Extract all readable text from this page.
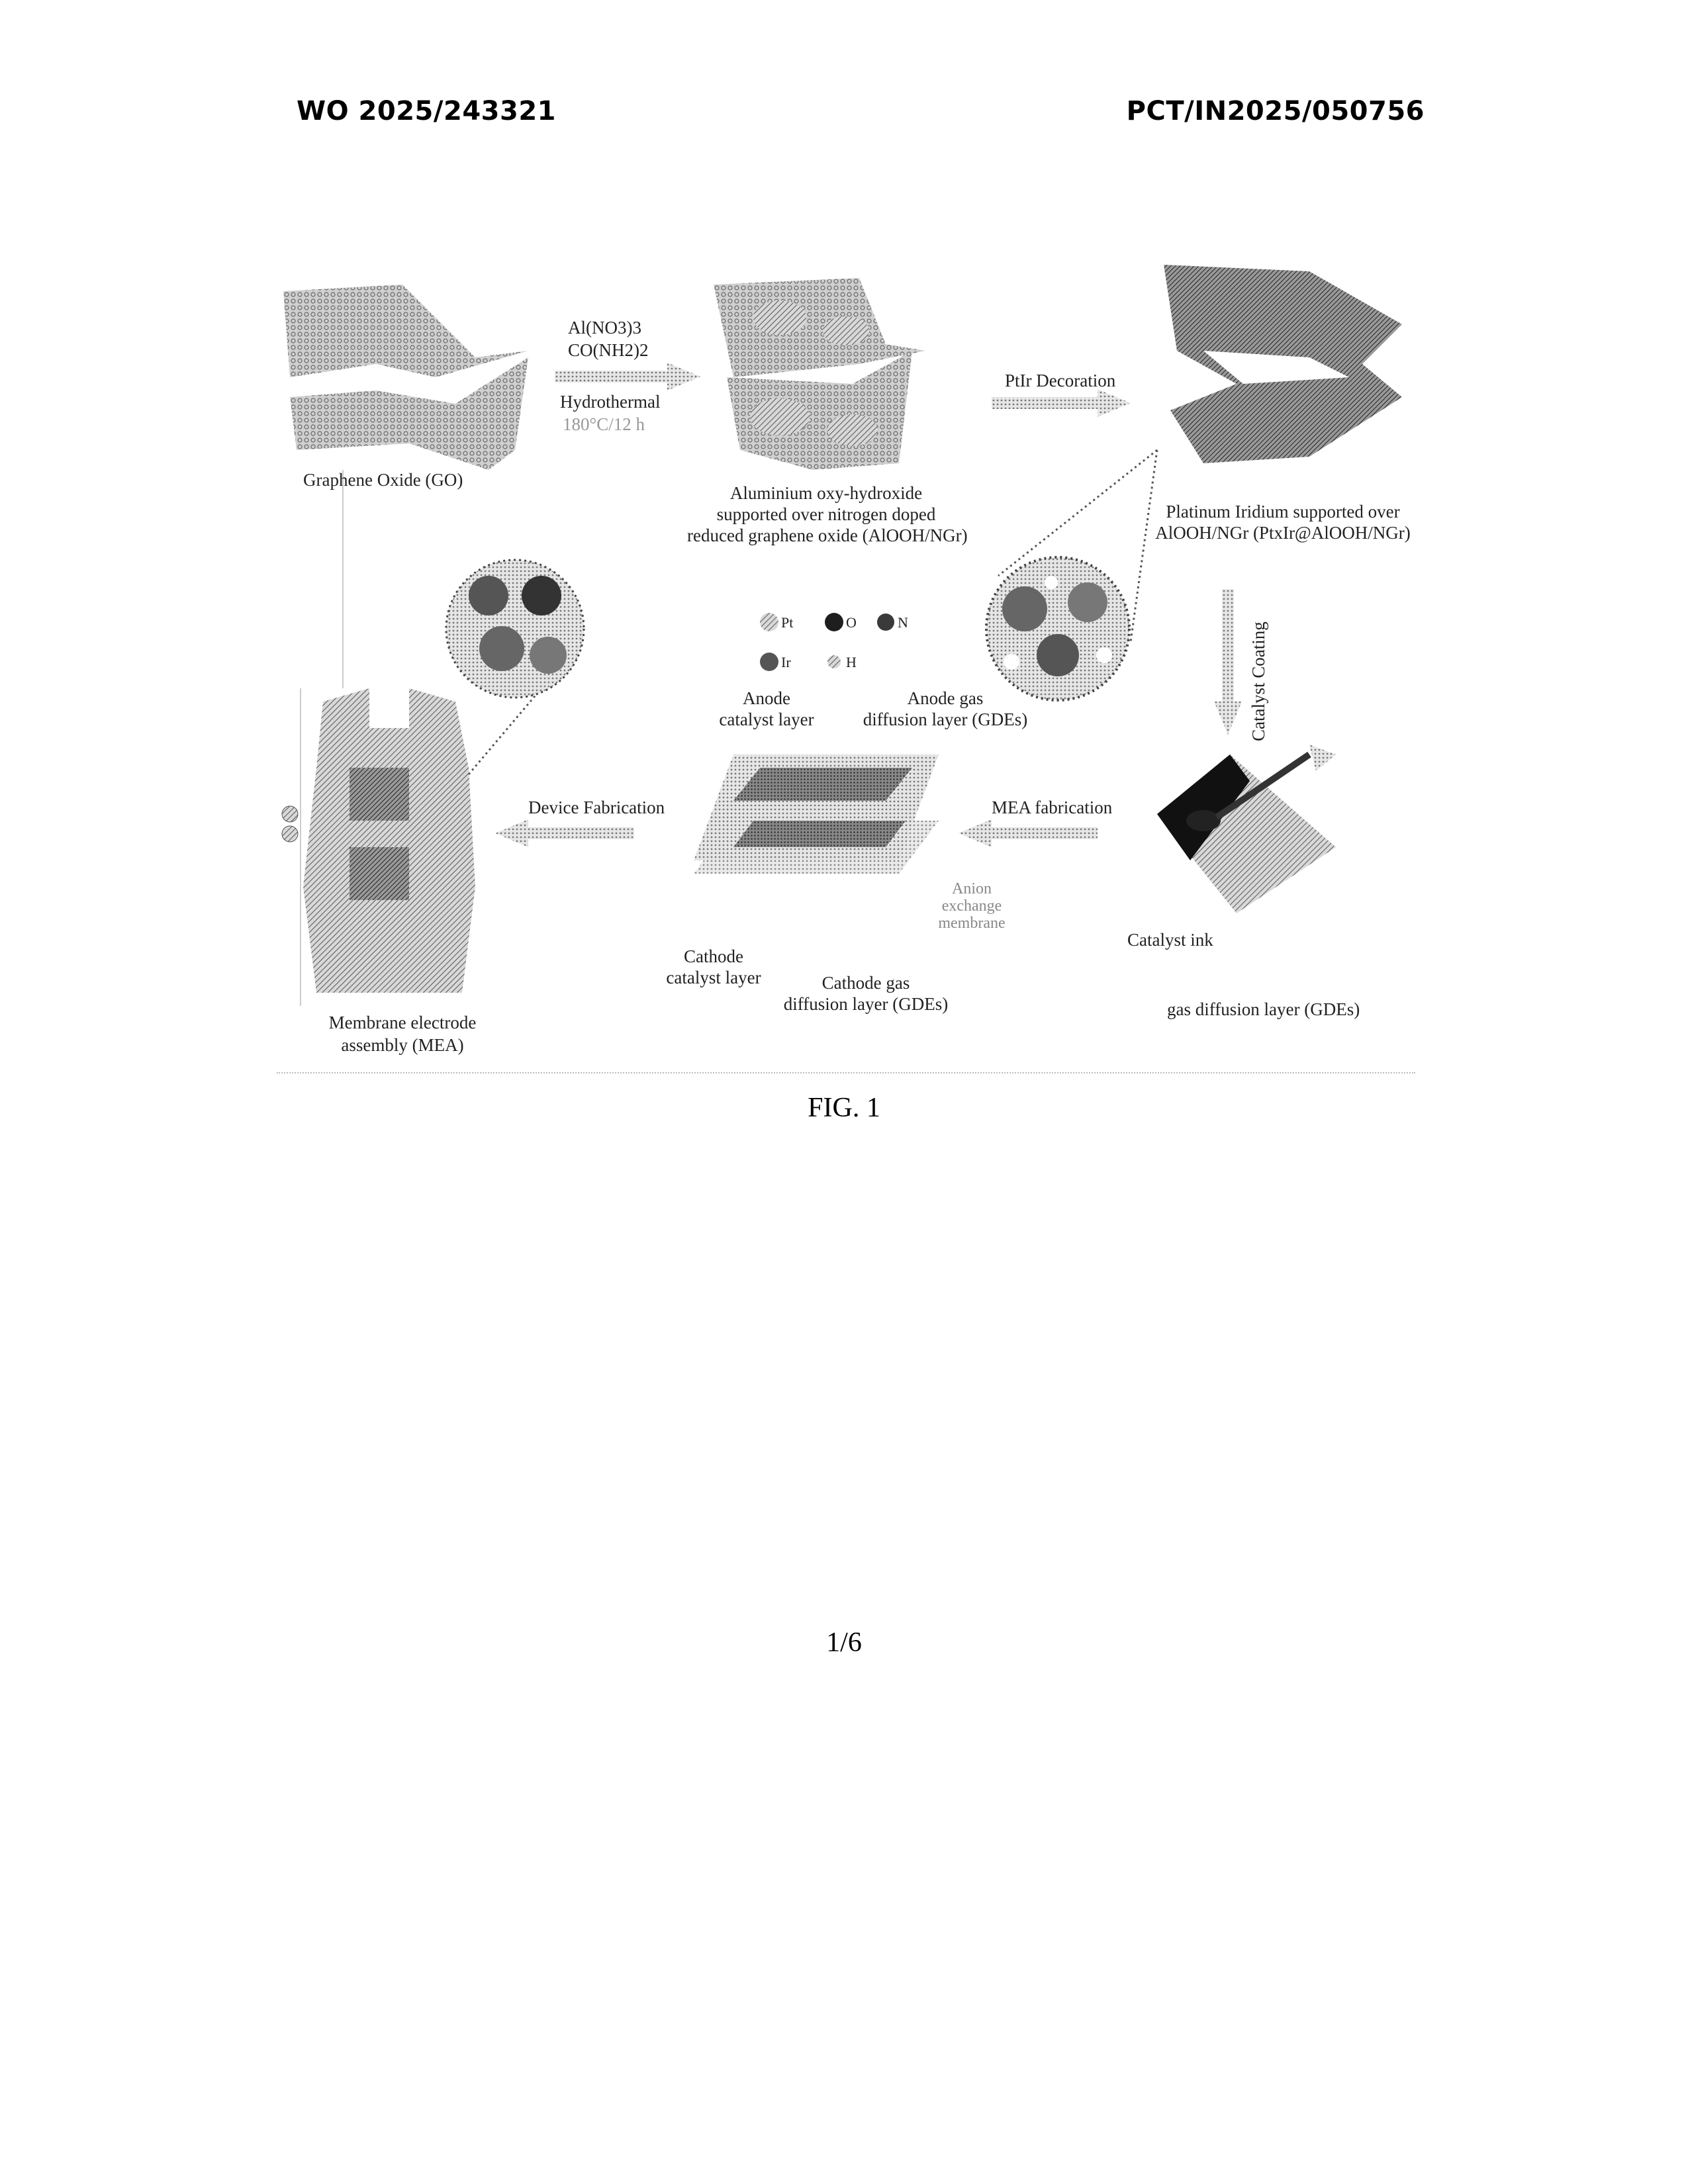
WO 2025/243321	PCT/IN2025/050756
Graphene Oxide (GO)
Al(NO3)3
CO(NH2)2
Hydrothermal
180°C/12 h
Aluminium oxy-hydroxide
supported over nitrogen doped
reduced graphene oxide (AlOOH/NGr)
PtIr Decoration
Platinum Iridium supported over
AlOOH/NGr (PtxIr@AlOOH/NGr)
Catalyst Coating
Catalyst ink
gas diffusion layer (GDEs)
MEA fabrication
Anode
catalyst layer
Anode gas
diffusion layer (GDEs)
Cathode
catalyst layer	Cathode gas
diffusion layer (GDEs)
Anion
exchange
membrane
Device Fabrication
Membrane electrode
assembly (MEA)
Pt	O	N
Ir	H
FIG. 1
1/6
